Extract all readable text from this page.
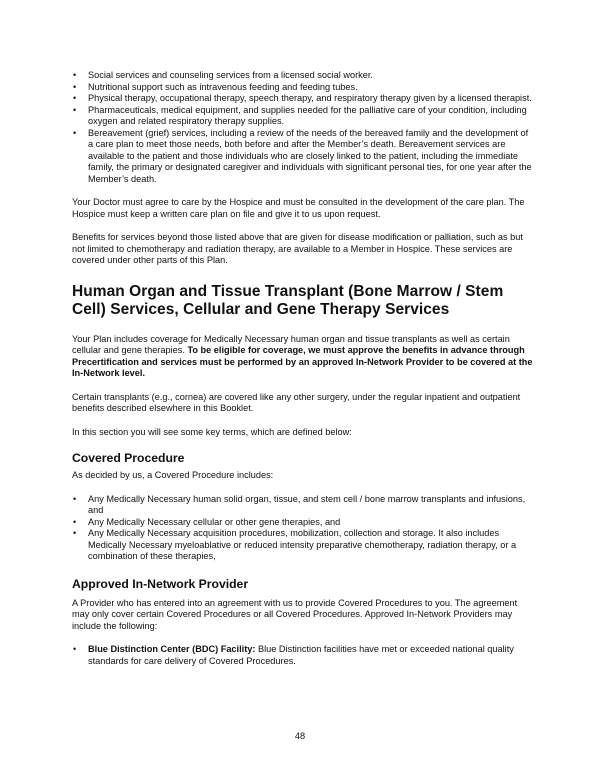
• Social services and counseling services from a licensed social worker.
• Nutritional support such as intravenous feeding and feeding tubes.
• Physical therapy, occupational therapy, speech therapy, and respiratory therapy given by a licensed therapist.
• Pharmaceuticals, medical equipment, and supplies needed for the palliative care of your condition, including oxygen and related respiratory therapy supplies.
• Bereavement (grief) services, including a review of the needs of the bereaved family and the development of a care plan to meet those needs, both before and after the Member’s death. Bereavement services are available to the patient and those individuals who are closely linked to the patient, including the immediate family, the primary or designated caregiver and individuals with significant personal ties, for one year after the Member’s death.

Your Doctor must agree to care by the Hospice and must be consulted in the development of the care plan. The Hospice must keep a written care plan on file and give it to us upon request.

Benefits for services beyond those listed above that are given for disease modification or palliation, such as but not limited to chemotherapy and radiation therapy, are available to a Member in Hospice. These services are covered under other parts of this Plan.

Human Organ and Tissue Transplant (Bone Marrow / Stem Cell) Services, Cellular and Gene Therapy Services

Your Plan includes coverage for Medically Necessary human organ and tissue transplants as well as certain cellular and gene therapies. To be eligible for coverage, we must approve the benefits in advance through Precertification and services must be performed by an approved In-Network Provider to be covered at the In-Network level.

Certain transplants (e.g., cornea) are covered like any other surgery, under the regular inpatient and outpatient benefits described elsewhere in this Booklet.

In this section you will see some key terms, which are defined below:

Covered Procedure

As decided by us, a Covered Procedure includes:

• Any Medically Necessary human solid organ, tissue, and stem cell / bone marrow transplants and infusions, and
• Any Medically Necessary cellular or other gene therapies, and
• Any Medically Necessary acquisition procedures, mobilization, collection and storage. It also includes Medically Necessary myeloablative or reduced intensity preparative chemotherapy, radiation therapy, or a combination of these therapies,
Approved In-Network Provider

A Provider who has entered into an agreement with us to provide Covered Procedures to you. The agreement may only cover certain Covered Procedures or all Covered Procedures. Approved In-Network Providers may include the following:

• Blue Distinction Center (BDC) Facility: Blue Distinction facilities have met or exceeded national quality standards for care delivery of Covered Procedures.
48
